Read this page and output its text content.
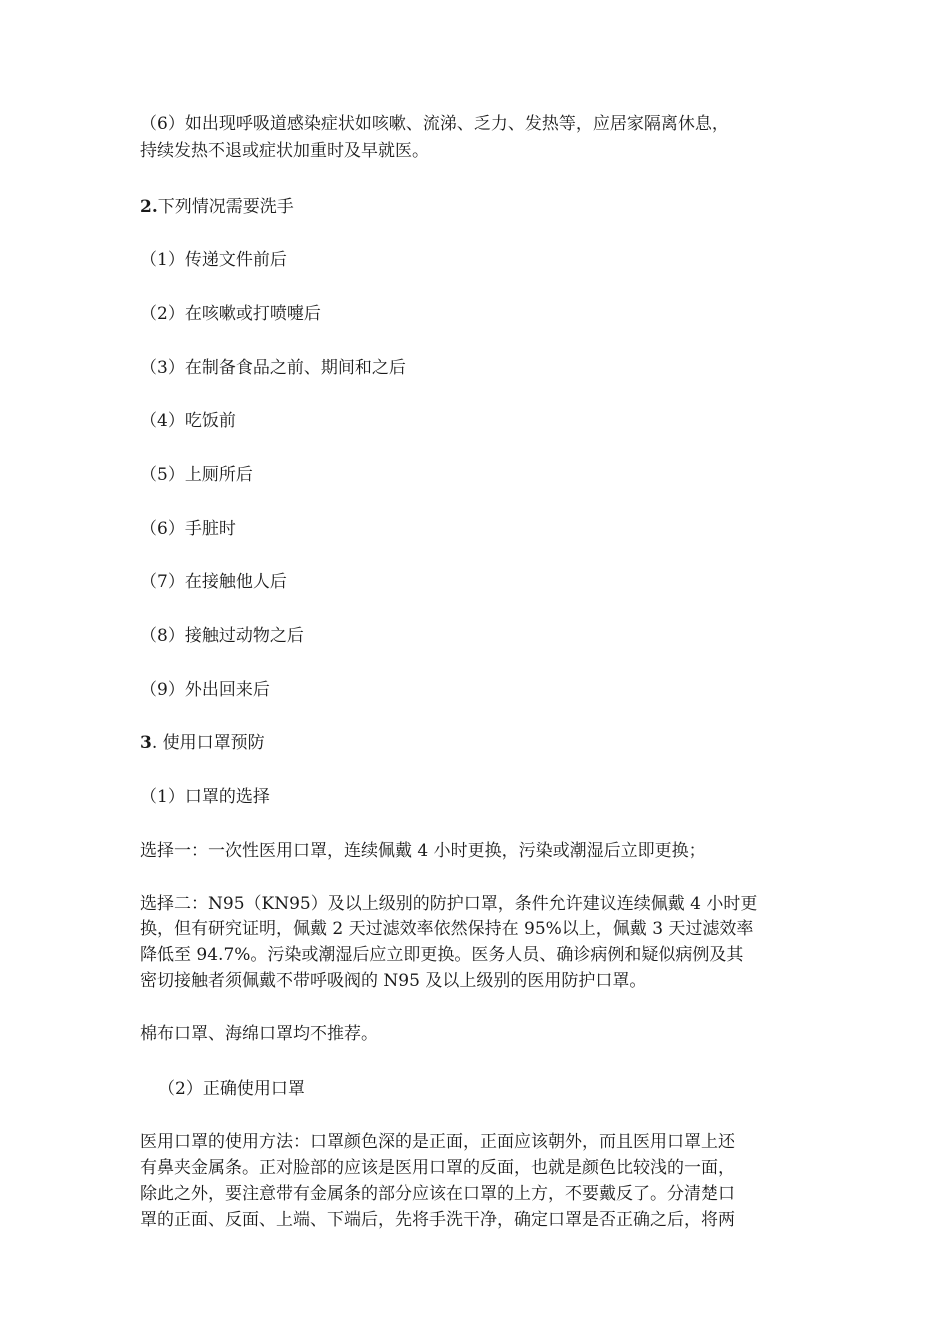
（6）如出现呼吸道感染症状如咳嗽、流涕、乏力、发热等，应居家隔离休息，
持续发热不退或症状加重时及早就医。
2.下列情况需要洗手
（1）传递文件前后
（2）在咳嗽或打喷嚏后
（3）在制备食品之前、期间和之后
（4）吃饭前
（5）上厕所后
（6）手脏时
（7）在接触他人后
（8）接触过动物之后
（9）外出回来后
3. 使用口罩预防
（1）口罩的选择
选择一：一次性医用口罩，连续佩戴 4 小时更换，污染或潮湿后立即更换；
选择二：N95（KN95）及以上级别的防护口罩，条件允许建议连续佩戴 4 小时更
换，但有研究证明，佩戴 2 天过滤效率依然保持在 95%以上，佩戴 3 天过滤效率
降低至 94.7%。污染或潮湿后应立即更换。医务人员、确诊病例和疑似病例及其
密切接触者须佩戴不带呼吸阀的 N95 及以上级别的医用防护口罩。
棉布口罩、海绵口罩均不推荐。
（2）正确使用口罩
医用口罩的使用方法：口罩颜色深的是正面，正面应该朝外，而且医用口罩上还
有鼻夹金属条。正对脸部的应该是医用口罩的反面，也就是颜色比较浅的一面，
除此之外，要注意带有金属条的部分应该在口罩的上方，不要戴反了。分清楚口
罩的正面、反面、上端、下端后，先将手洗干净，确定口罩是否正确之后，将两
